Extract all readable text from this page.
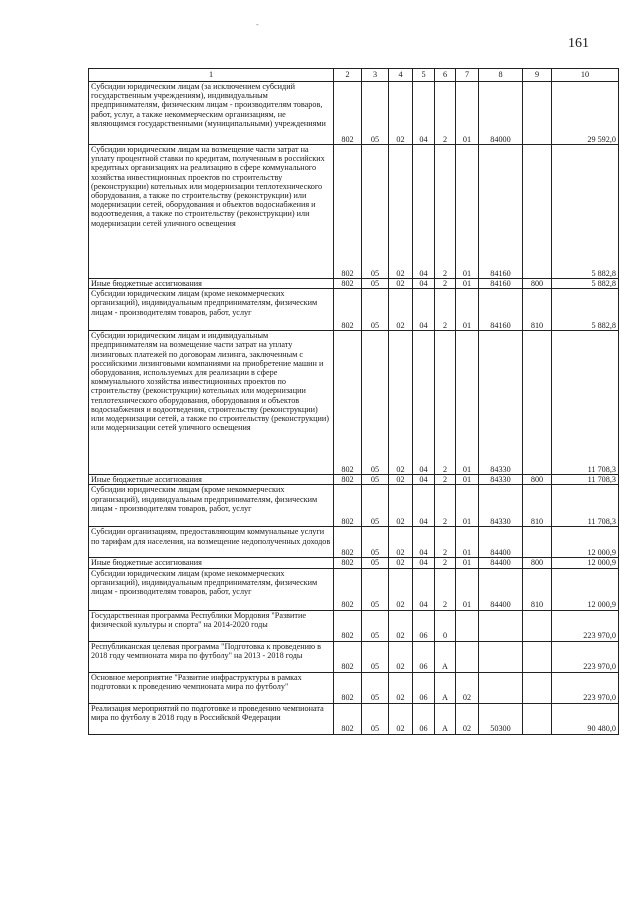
-
161
1	2	3	4	5	6	7	8	9	10
Субсидии юридическим лицам (за исключением субсидий государственным учреждениям), индивидуальным предпринимателям, физическим лицам - производителям товаров, работ, услуг, а также некоммерческим организациям, не являющимся государственными (муниципальными) учреждениями	802	05	02	04	2	01	84000		29 592,0
Субсидии юридическим лицам на возмещение части затрат на уплату процентной ставки по кредитам, полученным в российских кредитных организациях на реализацию в сфере коммунального хозяйства инвестиционных проектов по строительству (реконструкции) котельных или модернизации теплотехнического оборудования, а также по строительству (реконструкции) или модернизации сетей, оборудования и объектов водоснабжения и водоотведения, а также по строительству (реконструкции) или модернизации сетей уличного освещения	802	05	02	04	2	01	84160		5 882,8
Иные бюджетные ассигнования	802	05	02	04	2	01	84160	800	5 882,8
Субсидии юридическим лицам (кроме некоммерческих организаций), индивидуальным предпринимателям, физическим лицам - производителям товаров, работ, услуг	802	05	02	04	2	01	84160	810	5 882,8
Субсидии юридическим лицам и индивидуальным предпринимателям на возмещение части затрат на уплату лизинговых платежей по договорам лизинга, заключенным с российскими лизинговыми компаниями на приобретение машин и оборудования, используемых для реализации в сфере коммунального хозяйства инвестиционных проектов по строительству (реконструкции) котельных или модернизации теплотехнического оборудования, оборудования и объектов водоснабжения и водоотведения, строительству (реконструкции) или модернизации сетей, а также по строительству (реконструкции) или модернизации сетей уличного освещения	802	05	02	04	2	01	84330		11 708,3
Иные бюджетные ассигнования	802	05	02	04	2	01	84330	800	11 708,3
Субсидии юридическим лицам (кроме некоммерческих организаций), индивидуальным предпринимателям, физическим лицам - производителям товаров, работ, услуг	802	05	02	04	2	01	84330	810	11 708,3
Субсидии организациям, предоставляющим коммунальные услуги по тарифам для населения, на возмещение недополученных доходов	802	05	02	04	2	01	84400		12 000,9
Иные бюджетные ассигнования	802	05	02	04	2	01	84400	800	12 000,9
Субсидии юридическим лицам (кроме некоммерческих организаций), индивидуальным предпринимателям, физическим лицам - производителям товаров, работ, услуг	802	05	02	04	2	01	84400	810	12 000,9
Государственная программа Республики Мордовия "Развитие физической культуры и спорта" на 2014-2020 годы	802	05	02	06	0				223 970,0
Республиканская целевая программа "Подготовка к проведению в 2018 году чемпионата мира по футболу" на 2013 - 2018 годы	802	05	02	06	А				223 970,0
Основное мероприятие "Развитие инфраструктуры в рамках подготовки к проведению чемпионата мира по футболу"	802	05	02	06	А	02			223 970,0
Реализация мероприятий по подготовке и проведению чемпионата мира по футболу в 2018 году в Российской Федерации	802	05	02	06	А	02	50300		90 480,0
